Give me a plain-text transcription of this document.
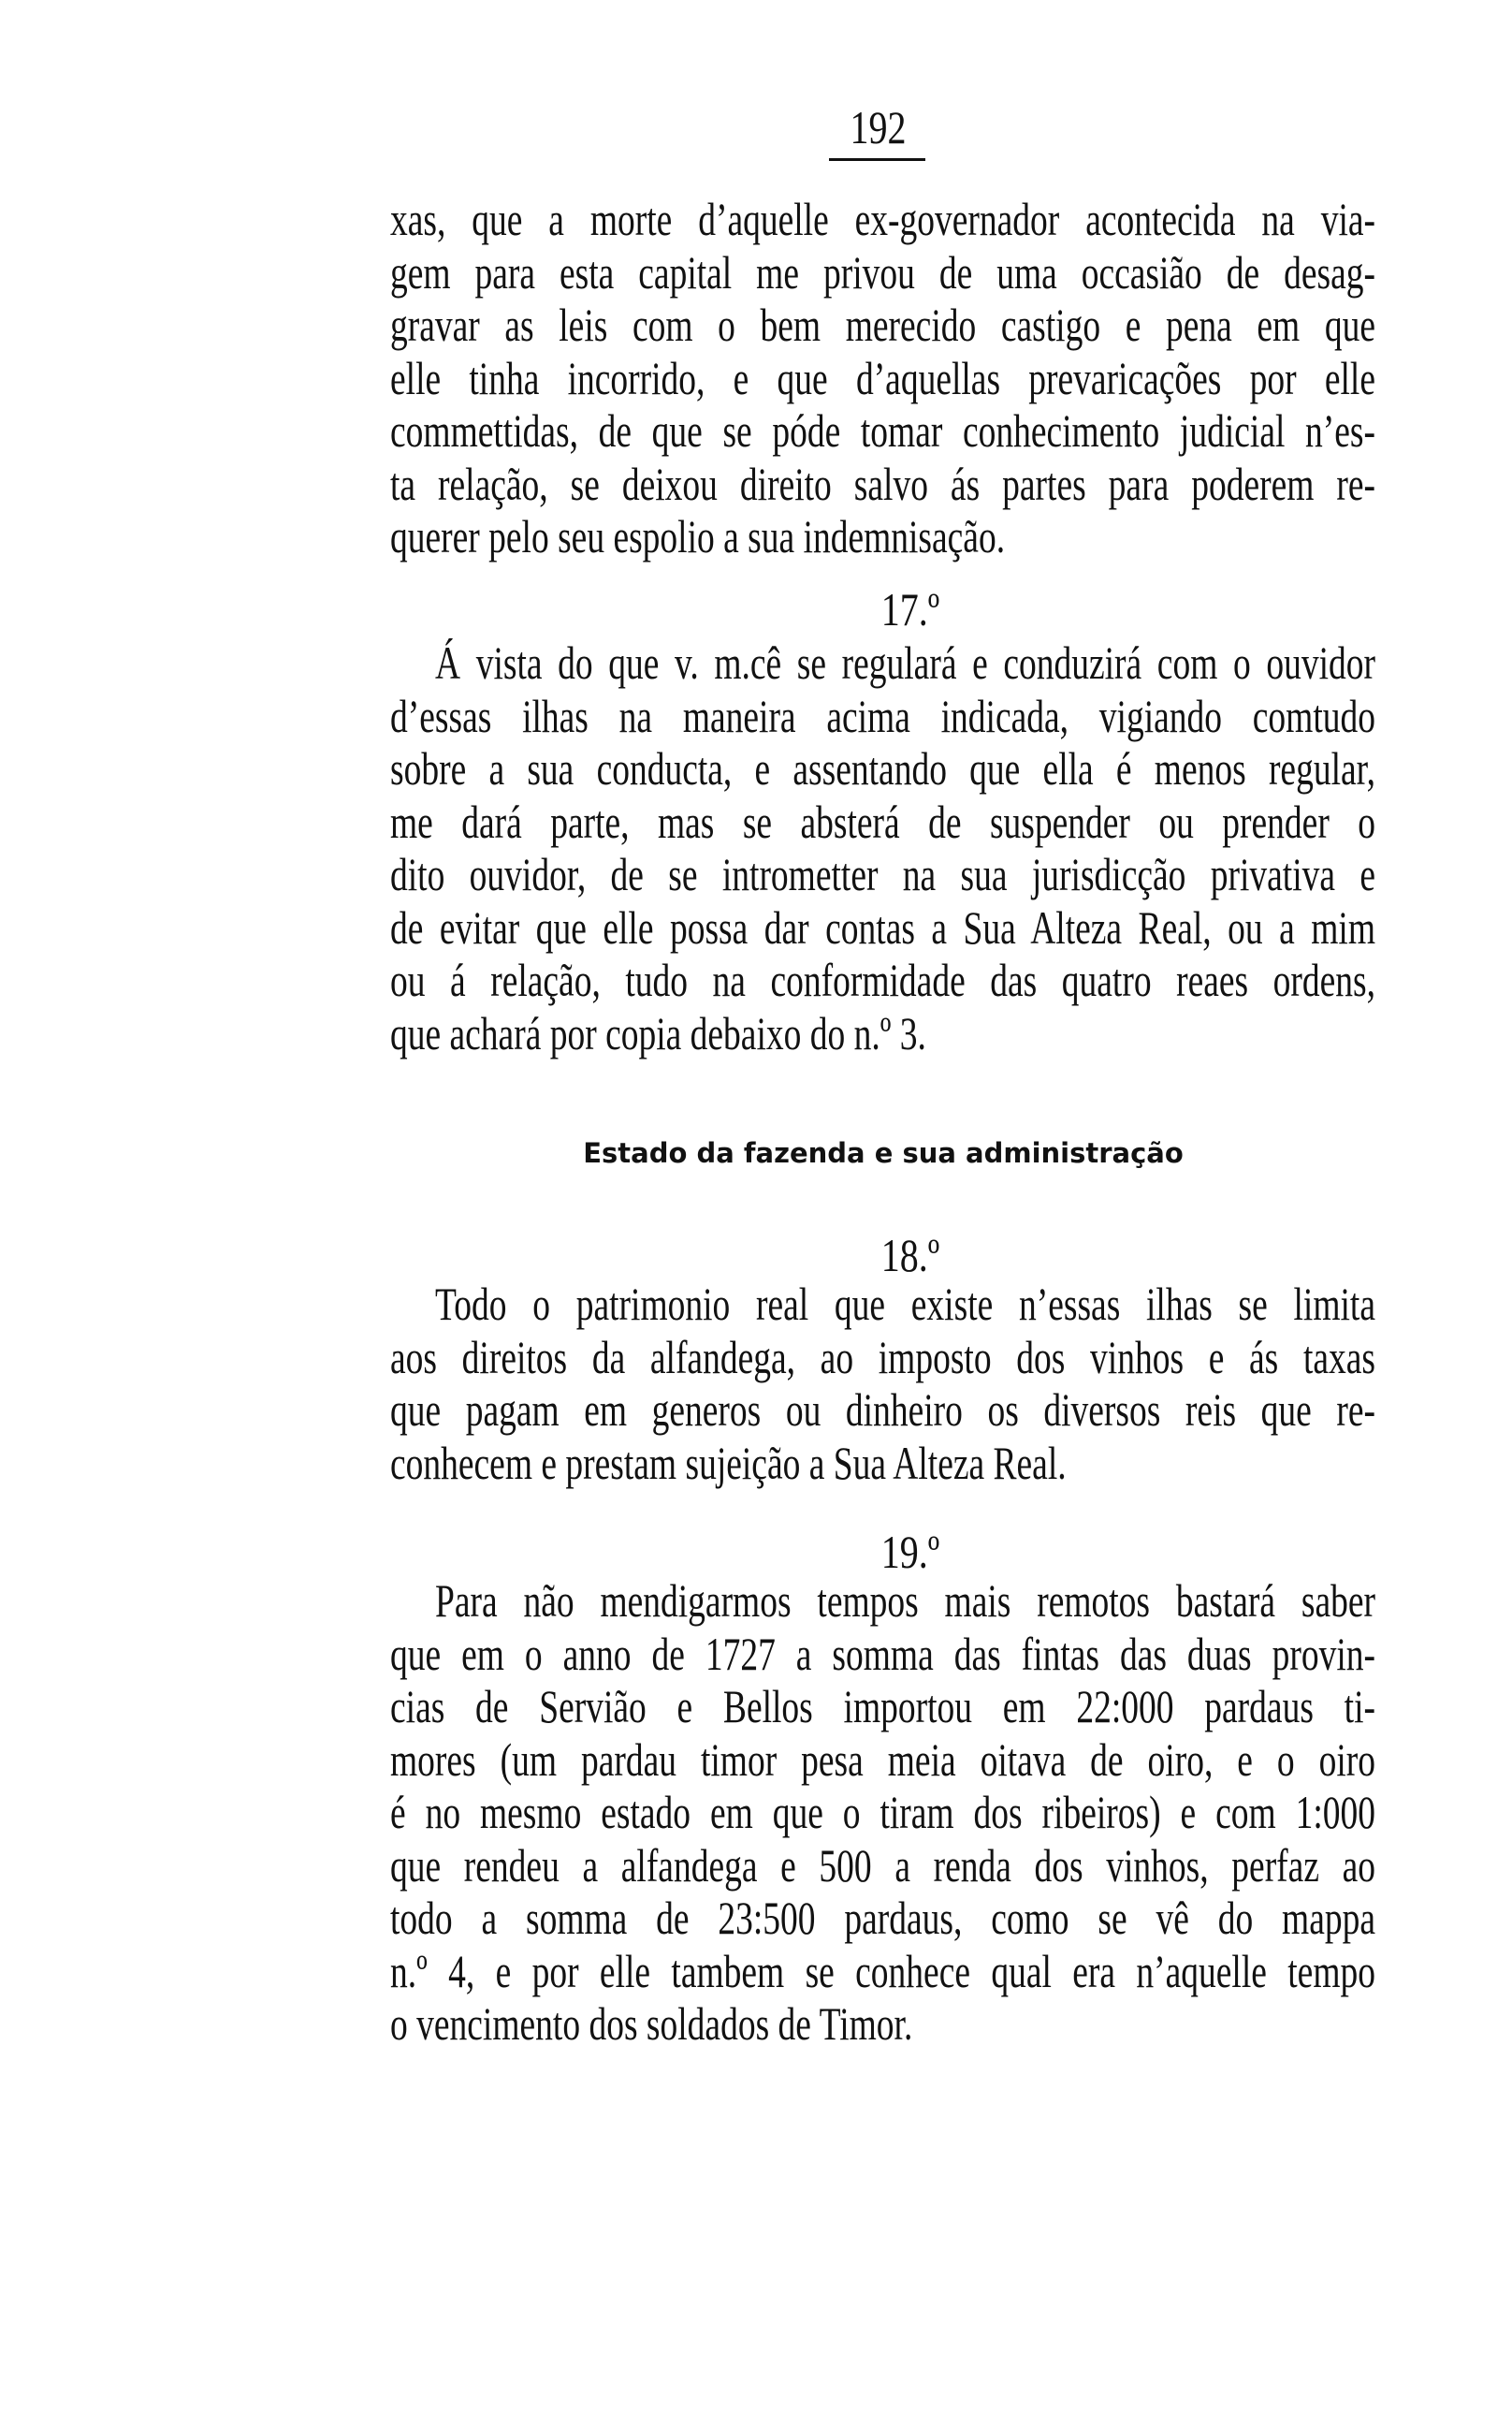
192
xas, que a morte d’aquelle ex-governador acontecida na via-
gem para esta capital me privou de uma occasião de desag-
gravar as leis com o bem merecido castigo e pena em que
elle tinha incorrido, e que d’aquellas prevaricações por elle
commettidas, de que se póde tomar conhecimento judicial n’es-
ta relação, se deixou direito salvo ás partes para poderem re-
querer pelo seu espolio a sua indemnisação.
17.º
Á vista do que v. m.cê se regulará e conduzirá com o ouvidor
d’essas ilhas na maneira acima indicada, vigiando comtudo
sobre a sua conducta, e assentando que ella é menos regular,
me dará parte, mas se absterá de suspender ou prender o
dito ouvidor, de se intrometter na sua jurisdicção privativa e
de evitar que elle possa dar contas a Sua Alteza Real, ou a mim
ou á relação, tudo na conformidade das quatro reaes ordens,
que achará por copia debaixo do n.º 3.
18.º
Todo o patrimonio real que existe n’essas ilhas se limita
aos direitos da alfandega, ao imposto dos vinhos e ás taxas
que pagam em generos ou dinheiro os diversos reis que re-
conhecem e prestam sujeição a Sua Alteza Real.
19.º
Para não mendigarmos tempos mais remotos bastará saber
que em o anno de 1727 a somma das fintas das duas provin-
cias de Servião e Bellos importou em 22:000 pardaus ti-
mores (um pardau timor pesa meia oitava de oiro, e o oiro
é no mesmo estado em que o tiram dos ribeiros) e com 1:000
que rendeu a alfandega e 500 a renda dos vinhos, perfaz ao
todo a somma de 23:500 pardaus, como se vê do mappa
n.º 4, e por elle tambem se conhece qual era n’aquelle tempo
o vencimento dos soldados de Timor.
Estado da fazenda e sua administração
